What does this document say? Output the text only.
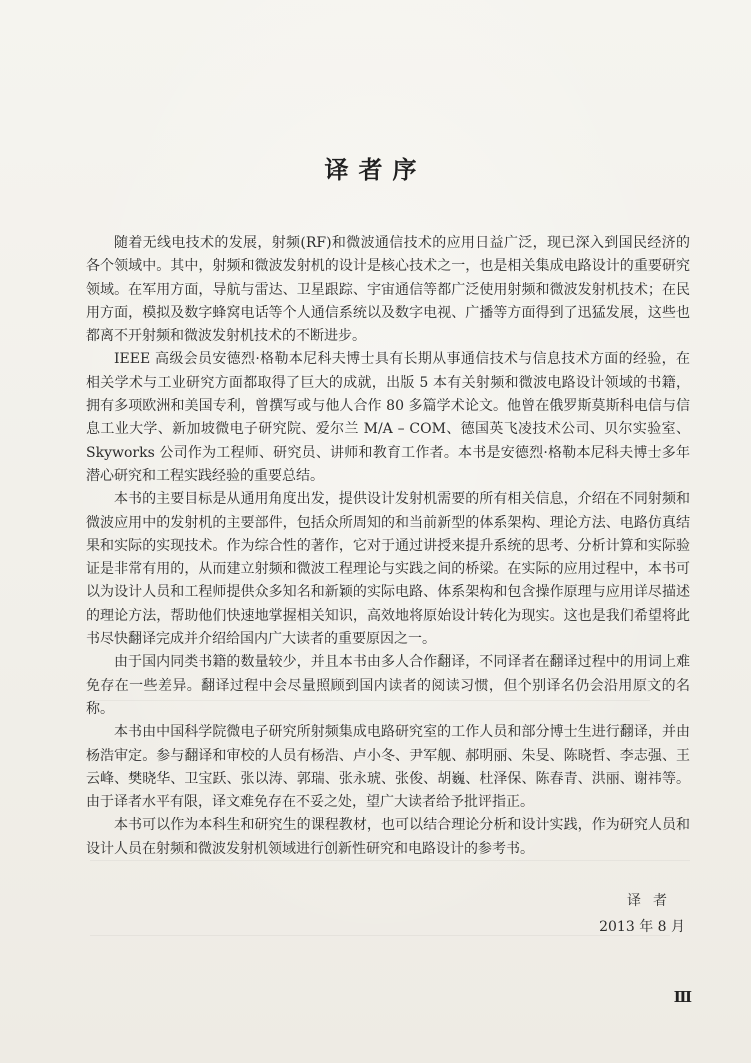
译者序

随着无线电技术的发展，射频(RF)和微波通信技术的应用日益广泛，现已深入到国民经济的各个领域中。其中，射频和微波发射机的设计是核心技术之一，也是相关集成电路设计的重要研究领域。在军用方面，导航与雷达、卫星跟踪、宇宙通信等都广泛使用射频和微波发射机技术；在民用方面，模拟及数字蜂窝电话等个人通信系统以及数字电视、广播等方面得到了迅猛发展，这些也都离不开射频和微波发射机技术的不断进步。

IEEE 高级会员安德烈·格勒本尼科夫博士具有长期从事通信技术与信息技术方面的经验，在相关学术与工业研究方面都取得了巨大的成就，出版 5 本有关射频和微波电路设计领域的书籍，拥有多项欧洲和美国专利，曾撰写或与他人合作 80 多篇学术论文。他曾在俄罗斯莫斯科电信与信息工业大学、新加坡微电子研究院、爱尔兰 M/A – COM、德国英飞凌技术公司、贝尔实验室、Skyworks 公司作为工程师、研究员、讲师和教育工作者。本书是安德烈·格勒本尼科夫博士多年潜心研究和工程实践经验的重要总结。

本书的主要目标是从通用角度出发，提供设计发射机需要的所有相关信息，介绍在不同射频和微波应用中的发射机的主要部件，包括众所周知的和当前新型的体系架构、理论方法、电路仿真结果和实际的实现技术。作为综合性的著作，它对于通过讲授来提升系统的思考、分析计算和实际验证是非常有用的，从而建立射频和微波工程理论与实践之间的桥梁。在实际的应用过程中，本书可以为设计人员和工程师提供众多知名和新颖的实际电路、体系架构和包含操作原理与应用详尽描述的理论方法，帮助他们快速地掌握相关知识，高效地将原始设计转化为现实。这也是我们希望将此书尽快翻译完成并介绍给国内广大读者的重要原因之一。

由于国内同类书籍的数量较少，并且本书由多人合作翻译，不同译者在翻译过程中的用词上难免存在一些差异。翻译过程中会尽量照顾到国内读者的阅读习惯，但个别译名仍会沿用原文的名称。

本书由中国科学院微电子研究所射频集成电路研究室的工作人员和部分博士生进行翻译，并由杨浩审定。参与翻译和审校的人员有杨浩、卢小冬、尹军舰、郝明丽、朱旻、陈晓哲、李志强、王云峰、樊晓华、卫宝跃、张以涛、郭瑞、张永琥、张俊、胡巍、杜泽保、陈春青、洪丽、谢祎等。由于译者水平有限，译文难免存在不妥之处，望广大读者给予批评指正。

本书可以作为本科生和研究生的课程教材，也可以结合理论分析和设计实践，作为研究人员和设计人员在射频和微波发射机领域进行创新性研究和电路设计的参考书。

译者
2013 年 8 月
Ⅲ
